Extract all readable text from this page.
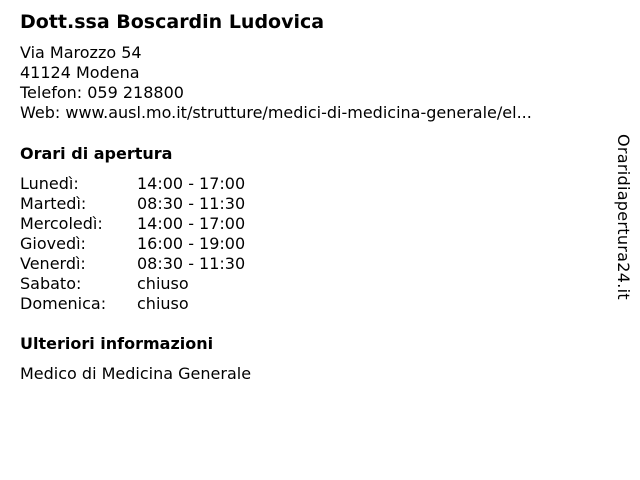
Dott.ssa Boscardin Ludovica
Via Marozzo 54
41124 Modena
Telefon: 059 218800
Web: www.ausl.mo.it/strutture/medici-di-medicina-generale/el...
Orari di apertura
Lunedì:	14:00 - 17:00
Martedì:	08:30 - 11:30
Mercoledì:	14:00 - 17:00
Giovedì:	16:00 - 19:00
Venerdì:	08:30 - 11:30
Sabato:	chiuso
Domenica:	chiuso
Ulteriori informazioni
Medico di Medicina Generale
Oraridiapertura24.it
